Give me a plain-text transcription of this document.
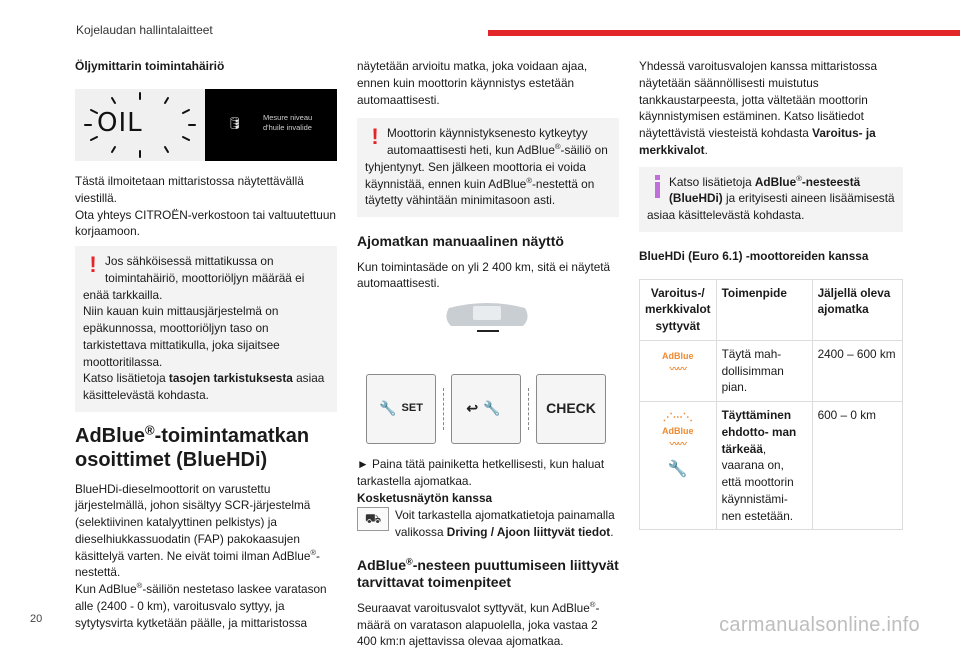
Kojelaudan hallintalaitteet
Öljymittarin toimintahäiriö
OIL	🛢	Mesure niveau
d'huile invalide

Tästä ilmoitetaan mittaristossa näytettävällä viestillä.

Ota yhteys CITROËN-verkostoon tai valtuutettuun korjaamoon.

! Jos sähköisessä mittatikussa on toimintahäiriö, moottoriöljyn määrää ei enää tarkkailla.
Niin kauan kuin mittausjärjestelmä on epäkunnossa, moottoriöljyn taso on tarkistettava mittatikulla, joka sijaitsee moottoritilassa.
Katso lisätietoja tasojen tarkistuksesta asiaa käsittelevästä kohdasta.
AdBlue®-toimintamatkan osoittimet (BlueHDi)

BlueHDi-dieselmoottorit on varustettu järjestelmällä, johon sisältyy SCR-järjestelmä (selektiivinen katalyyttinen pelkistys) ja dieselhiukkassuodatin (FAP) pakokaasujen käsittelyä varten. Ne eivät toimi ilman AdBlue®-nestettä.

Kun AdBlue®-säiliön nestetaso laskee varatason alle (2400 - 0 km), varoitusvalo syttyy, ja sytytysvirta kytketään päälle, ja mittaristossa

näytetään arvioitu matka, joka voidaan ajaa, ennen kuin moottorin käynnistys estetään automaattisesti.

! Moottorin käynnistyksenesto kytkeytyy automaattisesti heti, kun AdBlue®-säiliö on tyhjentynyt. Sen jälkeen moottoria ei voida käynnistää, ennen kuin AdBlue®-nestettä on täytetty vähintään minimitasoon asti.
Ajomatkan manuaalinen näyttö

Kun toimintasäde on yli 2 400 km, sitä ei näytetä automaattisesti.

🔧 SET	↩ 🔧	CHECK

► Paina tätä painiketta hetkellisesti, kun haluat tarkastella ajomatkaa.

Kosketusnäytön kanssa
⛟	Voit tarkastella ajomatkatietoja painamalla valikossa Driving / Ajoon liittyvät tiedot.
AdBlue®-nesteen puuttumiseen liittyvät tarvittavat toimenpiteet

Seuraavat varoitusvalot syttyvät, kun AdBlue®-määrä on varatason alapuolella, joka vastaa 2 400 km:n ajettavissa olevaa ajomatkaa.

Yhdessä varoitusvalojen kanssa mittaristossa näytetään säännöllisesti muistutus tankkaustarpeesta, jotta vältetään moottorin käynnistymisen estäminen. Katso lisätiedot näytettävistä viesteistä kohdasta Varoitus- ja merkkivalot.

Katso lisätietoja AdBlue®-nesteestä (BlueHDi) ja erityisesti aineen lisäämisestä asiaa käsittelevästä kohdasta.
BlueHDi (Euro 6.1) -moottoreiden kanssa
Varoitus-/ merkkivalot syttyvät	Toimenpide	Jäljellä oleva ajomatka

AdBlue
〰〰	Täytä mah- dollisimman pian.	2400 – 600 km

⋰⋯⋱
AdBlue
〰〰
🔧	Täyttäminen ehdotto- man tärkeää, vaarana on, että moottorin käynnistämi- nen estetään.	600 – 0 km
20	carmanualsonline.info
